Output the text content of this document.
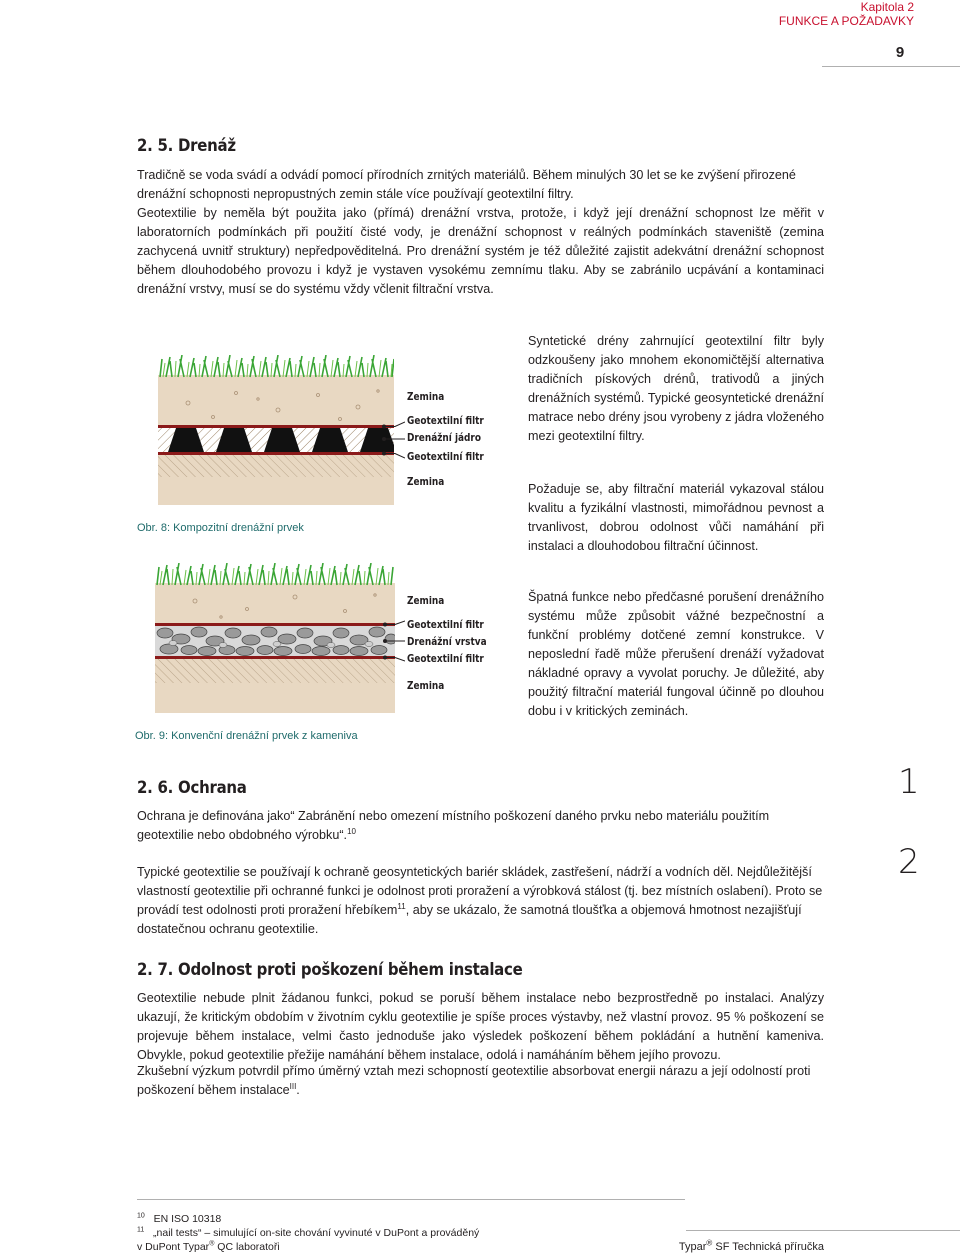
Kapitola 2
FUNKCE A POŽADAVKY
9
2. 5. Drenáž
Tradičně se voda svádí a odvádí pomocí přírodních zrnitých materiálů. Během minulých 30 let se ke zvýšení přirozené drenážní schopnosti nepropustných zemin stále více používají geotextilní filtry.
Geotextilie by neměla být použita jako (přímá) drenážní vrstva, protože, i když její drenážní schopnost lze měřit v laboratorních podmínkách při použití čisté vody, je drenážní schopnost v reálných podmínkách staveniště (zemina zachycená uvnitř struktury) nepředpověditelná. Pro drenážní systém je též důležité zajistit adekvátní drenážní schopnost během dlouhodobého provozu i když je vystaven vysokému zemnímu tlaku. Aby se zabránilo ucpávání a kontaminaci drenážní vrstvy, musí se do systému vždy včlenit filtrační vrstva.
Zemina
Geotextilní filtr
Drenážní jádro
Geotextilní filtr
Zemina
Obr. 8: Kompozitní drenážní prvek
Syntetické drény zahrnující geotextilní filtr byly odzkoušeny jako mnohem ekonomičtější alternativa tradičních pískových drénů, trativodů a jiných drenážních systémů. Typické geosyntetické drenážní matrace nebo drény jsou vyrobeny z jádra vloženého mezi geotextilní filtry.
Požaduje se, aby filtrační materiál vykazoval stálou kvalitu a fyzikální vlastnosti, mimořádnou pevnost a trvanlivost, dobrou odolnost vůči namáhání při instalaci a dlouhodobou filtrační účinnost.
Zemina
Geotextilní filtr
Drenážní vrstva
Geotextilní filtr
Zemina
Obr. 9: Konvenční drenážní prvek z kameniva
Špatná funkce nebo předčasné porušení drenážního systému může způsobit vážné bezpečnostní a funkční problémy dotčené zemní konstrukce. V neposlední řadě může přerušení drenáží vyžadovat nákladné opravy a vyvolat poruchy. Je důležité, aby použitý filtrační materiál fungoval účinně po dlouhou dobu i v kritických zeminách.
2. 6. Ochrana
Ochrana je definována jako“ Zabránění nebo omezení místního poškození daného prvku nebo materiálu použitím geotextilie nebo obdobného výrobku“.$^{10}$
Typické geotextilie se používají k ochraně geosyntetických bariér skládek, zastřešení, nádrží a vodních děl. Nejdůležitější vlastností geotextilie při ochranné funkci je odolnost proti proražení a výrobková stálost (tj. bez místních oslabení). Proto se provádí test odolnosti proti proražení hřebíkem$^{11}$, aby se ukázalo, že samotná tloušťka a objemová hmotnost nezajišťují dostatečnou ochranu geotextilie.
2. 7. Odolnost proti poškození během instalace
Geotextilie nebude plnit žádanou funkci, pokud se poruší během instalace nebo bezprostředně po instalaci. Analýzy ukazují, že kritickým obdobím v životním cyklu geotextilie je spíše proces výstavby, než vlastní provoz. 95 % poškození se projevuje během instalace, velmi často jednoduše jako výsledek poškození během pokládání a hutnění kameniva. Obvykle, pokud geotextilie přežije namáhání během instalace, odolá i namáháním během jejího provozu.
Zkušební výzkum potvrdil přímo úměrný vztah mezi schopností geotextilie absorbovat energii nárazu a její odolností proti poškození během instalace$^{III}$.
1
2
$^{10}$ EN ISO 10318
$^{11}$ „nail tests“ – simulující on-site chování vyvinuté v DuPont a prováděný
v DuPont Typar® QC laboratoři	Typar® SF Technická příručka
